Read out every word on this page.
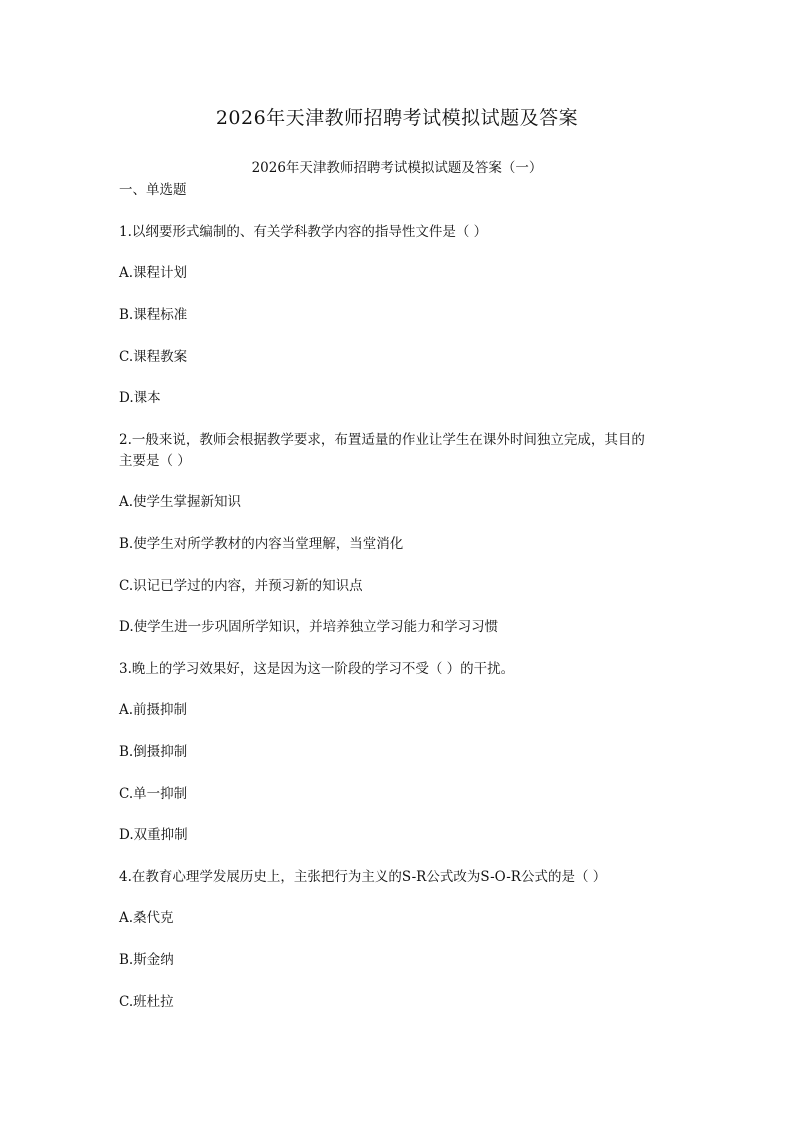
2026年天津教师招聘考试模拟试题及答案
2026年天津教师招聘考试模拟试题及答案（一）
一、单选题
1.以纲要形式编制的、有关学科教学内容的指导性文件是（ ）
A.课程计划
B.课程标准
C.课程教案
D.课本
2.一般来说，教师会根据教学要求，布置适量的作业让学生在课外时间独立完成，其目的
主要是（ ）
A.使学生掌握新知识
B.使学生对所学教材的内容当堂理解，当堂消化
C.识记已学过的内容，并预习新的知识点
D.使学生进一步巩固所学知识，并培养独立学习能力和学习习惯
3.晚上的学习效果好，这是因为这一阶段的学习不受（ ）的干扰。
A.前摄抑制
B.倒摄抑制
C.单一抑制
D.双重抑制
4.在教育心理学发展历史上，主张把行为主义的S-R公式改为S-O-R公式的是（ ）
A.桑代克
B.斯金纳
C.班杜拉
